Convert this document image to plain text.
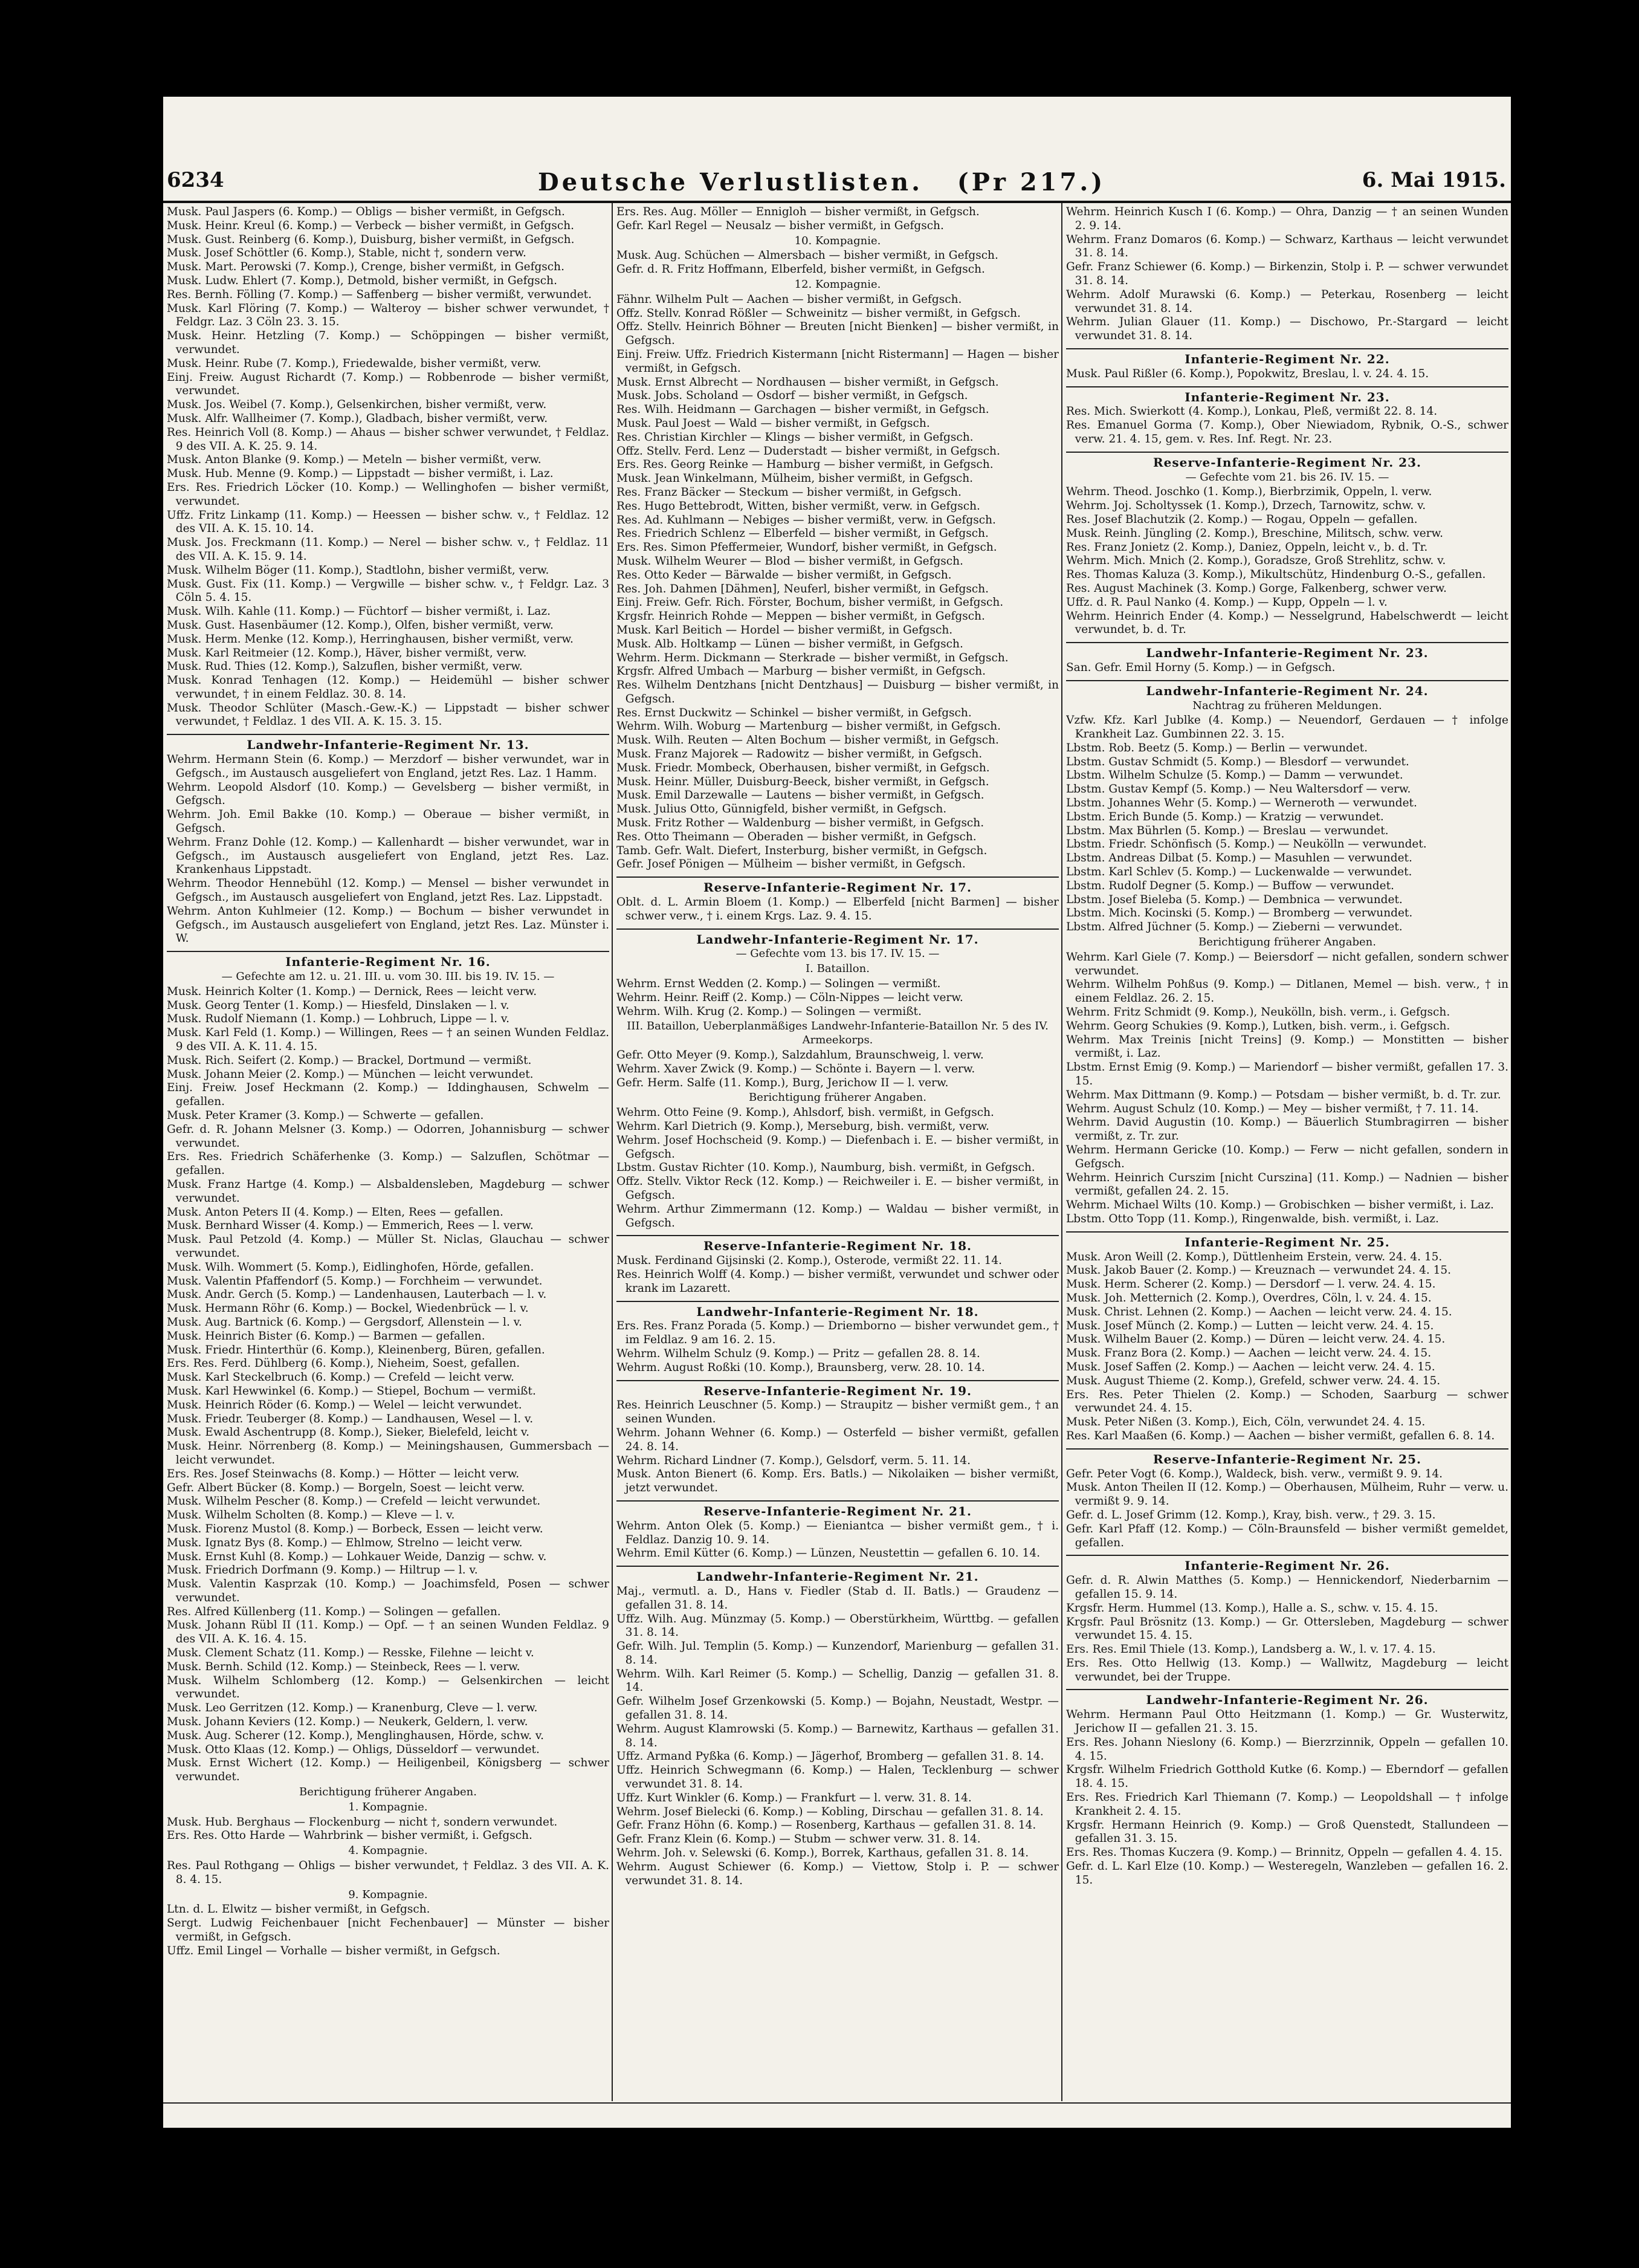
6234	Deutsche Verlustlisten. (Pr 217.)	6. Mai 1915.

Musk. Paul Jaspers (6. Komp.) — Obligs — bisher vermißt, in Gefgsch.

Musk. Heinr. Kreul (6. Komp.) — Verbeck — bisher vermißt, in Gefgsch.

Musk. Gust. Reinberg (6. Komp.), Duisburg, bisher vermißt, in Gefgsch.

Musk. Josef Schöttler (6. Komp.), Stable, nicht †, sondern verw.

Musk. Mart. Perowski (7. Komp.), Crenge, bisher vermißt, in Gefgsch.

Musk. Ludw. Ehlert (7. Komp.), Detmold, bisher vermißt, in Gefgsch.

Res. Bernh. Fölling (7. Komp.) — Saffenberg — bisher vermißt, verwundet.

Musk. Karl Flöring (7. Komp.) — Walteroy — bisher schwer verwundet, † Feldgr. Laz. 3 Cöln 23. 3. 15.

Musk. Heinr. Hetzling (7. Komp.) — Schöppingen — bisher vermißt, verwundet.

Musk. Heinr. Rube (7. Komp.), Friedewalde, bisher vermißt, verw.

Einj. Freiw. August Richardt (7. Komp.) — Robbenrode — bisher vermißt, verwundet.

Musk. Jos. Weibel (7. Komp.), Gelsenkirchen, bisher vermißt, verw.

Musk. Alfr. Wallheimer (7. Komp.), Gladbach, bisher vermißt, verw.

Res. Heinrich Voll (8. Komp.) — Ahaus — bisher schwer verwundet, † Feldlaz. 9 des VII. A. K. 25. 9. 14.

Musk. Anton Blanke (9. Komp.) — Meteln — bisher vermißt, verw.

Musk. Hub. Menne (9. Komp.) — Lippstadt — bisher vermißt, i. Laz.

Ers. Res. Friedrich Löcker (10. Komp.) — Wellinghofen — bisher vermißt, verwundet.

Uffz. Fritz Linkamp (11. Komp.) — Heessen — bisher schw. v., † Feldlaz. 12 des VII. A. K. 15. 10. 14.

Musk. Jos. Freckmann (11. Komp.) — Nerel — bisher schw. v., † Feldlaz. 11 des VII. A. K. 15. 9. 14.

Musk. Wilhelm Böger (11. Komp.), Stadtlohn, bisher vermißt, verw.

Musk. Gust. Fix (11. Komp.) — Vergwille — bisher schw. v., † Feldgr. Laz. 3 Cöln 5. 4. 15.

Musk. Wilh. Kahle (11. Komp.) — Füchtorf — bisher vermißt, i. Laz.

Musk. Gust. Hasenbäumer (12. Komp.), Olfen, bisher vermißt, verw.

Musk. Herm. Menke (12. Komp.), Herringhausen, bisher vermißt, verw.

Musk. Karl Reitmeier (12. Komp.), Häver, bisher vermißt, verw.

Musk. Rud. Thies (12. Komp.), Salzuflen, bisher vermißt, verw.

Musk. Konrad Tenhagen (12. Komp.) — Heidemühl — bisher schwer verwundet, † in einem Feldlaz. 30. 8. 14.

Musk. Theodor Schlüter (Masch.-Gew.-K.) — Lippstadt — bisher schwer verwundet, † Feldlaz. 1 des VII. A. K. 15. 3. 15.

Landwehr-Infanterie-Regiment Nr. 13.

Wehrm. Hermann Stein (6. Komp.) — Merzdorf — bisher verwundet, war in Gefgsch., im Austausch ausgeliefert von England, jetzt Res. Laz. 1 Hamm.

Wehrm. Leopold Alsdorf (10. Komp.) — Gevelsberg — bisher vermißt, in Gefgsch.

Wehrm. Joh. Emil Bakke (10. Komp.) — Oberaue — bisher vermißt, in Gefgsch.

Wehrm. Franz Dohle (12. Komp.) — Kallenhardt — bisher verwundet, war in Gefgsch., im Austausch ausgeliefert von England, jetzt Res. Laz. Krankenhaus Lippstadt.

Wehrm. Theodor Hennebühl (12. Komp.) — Mensel — bisher verwundet in Gefgsch., im Austausch ausgeliefert von England, jetzt Res. Laz. Lippstadt.

Wehrm. Anton Kuhlmeier (12. Komp.) — Bochum — bisher verwundet in Gefgsch., im Austausch ausgeliefert von England, jetzt Res. Laz. Münster i. W.

Infanterie-Regiment Nr. 16.

— Gefechte am 12. u. 21. III. u. vom 30. III. bis 19. IV. 15. —

Musk. Heinrich Kolter (1. Komp.) — Dernick, Rees — leicht verw.

Musk. Georg Tenter (1. Komp.) — Hiesfeld, Dinslaken — l. v.

Musk. Rudolf Niemann (1. Komp.) — Lohbruch, Lippe — l. v.

Musk. Karl Feld (1. Komp.) — Willingen, Rees — † an seinen Wunden Feldlaz. 9 des VII. A. K. 11. 4. 15.

Musk. Rich. Seifert (2. Komp.) — Brackel, Dortmund — vermißt.

Musk. Johann Meier (2. Komp.) — München — leicht verwundet.

Einj. Freiw. Josef Heckmann (2. Komp.) — Iddinghausen, Schwelm — gefallen.

Musk. Peter Kramer (3. Komp.) — Schwerte — gefallen.

Gefr. d. R. Johann Melsner (3. Komp.) — Odorren, Johannisburg — schwer verwundet.

Ers. Res. Friedrich Schäferhenke (3. Komp.) — Salzuflen, Schötmar — gefallen.

Musk. Franz Hartge (4. Komp.) — Alsbaldensleben, Magdeburg — schwer verwundet.

Musk. Anton Peters II (4. Komp.) — Elten, Rees — gefallen.

Musk. Bernhard Wisser (4. Komp.) — Emmerich, Rees — l. verw.

Musk. Paul Petzold (4. Komp.) — Müller St. Niclas, Glauchau — schwer verwundet.

Musk. Wilh. Wommert (5. Komp.), Eidlinghofen, Hörde, gefallen.

Musk. Valentin Pfaffendorf (5. Komp.) — Forchheim — verwundet.

Musk. Andr. Gerch (5. Komp.) — Landenhausen, Lauterbach — l. v.

Musk. Hermann Röhr (6. Komp.) — Bockel, Wiedenbrück — l. v.

Musk. Aug. Bartnick (6. Komp.) — Gergsdorf, Allenstein — l. v.

Musk. Heinrich Bister (6. Komp.) — Barmen — gefallen.

Musk. Friedr. Hinterthür (6. Komp.), Kleinenberg, Büren, gefallen.

Ers. Res. Ferd. Dühlberg (6. Komp.), Nieheim, Soest, gefallen.

Musk. Karl Steckelbruch (6. Komp.) — Crefeld — leicht verw.

Musk. Karl Hewwinkel (6. Komp.) — Stiepel, Bochum — vermißt.

Musk. Heinrich Röder (6. Komp.) — Welel — leicht verwundet.

Musk. Friedr. Teuberger (8. Komp.) — Landhausen, Wesel — l. v.

Musk. Ewald Aschentrupp (8. Komp.), Sieker, Bielefeld, leicht v.

Musk. Heinr. Nörrenberg (8. Komp.) — Meiningshausen, Gummersbach — leicht verwundet.

Ers. Res. Josef Steinwachs (8. Komp.) — Hötter — leicht verw.

Gefr. Albert Bücker (8. Komp.) — Borgeln, Soest — leicht verw.

Musk. Wilhelm Pescher (8. Komp.) — Crefeld — leicht verwundet.

Musk. Wilhelm Scholten (8. Komp.) — Kleve — l. v.

Musk. Fiorenz Mustol (8. Komp.) — Borbeck, Essen — leicht verw.

Musk. Ignatz Bys (8. Komp.) — Ehlmow, Strelno — leicht verw.

Musk. Ernst Kuhl (8. Komp.) — Lohkauer Weide, Danzig — schw. v.

Musk. Friedrich Dorfmann (9. Komp.) — Hiltrup — l. v.

Musk. Valentin Kasprzak (10. Komp.) — Joachimsfeld, Posen — schwer verwundet.

Res. Alfred Küllenberg (11. Komp.) — Solingen — gefallen.

Musk. Johann Rübl II (11. Komp.) — Opf. — † an seinen Wunden Feldlaz. 9 des VII. A. K. 16. 4. 15.

Musk. Clement Schatz (11. Komp.) — Resske, Filehne — leicht v.

Musk. Bernh. Schild (12. Komp.) — Steinbeck, Rees — l. verw.

Musk. Wilhelm Schlomberg (12. Komp.) — Gelsenkirchen — leicht verwundet.

Musk. Leo Gerritzen (12. Komp.) — Kranenburg, Cleve — l. verw.

Musk. Johann Keviers (12. Komp.) — Neukerk, Geldern, l. verw.

Musk. Aug. Scherer (12. Komp.), Menglinghausen, Hörde, schw. v.

Musk. Otto Klaas (12. Komp.) — Ohligs, Düsseldorf — verwundet.

Musk. Ernst Wichert (12. Komp.) — Heiligenbeil, Königsberg — schwer verwundet.

Berichtigung früherer Angaben.

1. Kompagnie.

Musk. Hub. Berghaus — Flockenburg — nicht †, sondern verwundet.

Ers. Res. Otto Harde — Wahrbrink — bisher vermißt, i. Gefgsch.

4. Kompagnie.

Res. Paul Rothgang — Ohligs — bisher verwundet, † Feldlaz. 3 des VII. A. K. 8. 4. 15.

9. Kompagnie.

Ltn. d. L. Elwitz — bisher vermißt, in Gefgsch.

Sergt. Ludwig Feichenbauer [nicht Fechenbauer] — Münster — bisher vermißt, in Gefgsch.

Uffz. Emil Lingel — Vorhalle — bisher vermißt, in Gefgsch.

Ers. Res. Aug. Möller — Ennigloh — bisher vermißt, in Gefgsch.

Gefr. Karl Regel — Neusalz — bisher vermißt, in Gefgsch.

10. Kompagnie.

Musk. Aug. Schüchen — Almersbach — bisher vermißt, in Gefgsch.

Gefr. d. R. Fritz Hoffmann, Elberfeld, bisher vermißt, in Gefgsch.

12. Kompagnie.

Fähnr. Wilhelm Pult — Aachen — bisher vermißt, in Gefgsch.

Offz. Stellv. Konrad Rößler — Schweinitz — bisher vermißt, in Gefgsch.

Offz. Stellv. Heinrich Böhner — Breuten [nicht Bienken] — bisher vermißt, in Gefgsch.

Einj. Freiw. Uffz. Friedrich Kistermann [nicht Ristermann] — Hagen — bisher vermißt, in Gefgsch.

Musk. Ernst Albrecht — Nordhausen — bisher vermißt, in Gefgsch.

Musk. Jobs. Scholand — Osdorf — bisher vermißt, in Gefgsch.

Res. Wilh. Heidmann — Garchagen — bisher vermißt, in Gefgsch.

Musk. Paul Joest — Wald — bisher vermißt, in Gefgsch.

Res. Christian Kirchler — Klings — bisher vermißt, in Gefgsch.

Offz. Stellv. Ferd. Lenz — Duderstadt — bisher vermißt, in Gefgsch.

Ers. Res. Georg Reinke — Hamburg — bisher vermißt, in Gefgsch.

Musk. Jean Winkelmann, Mülheim, bisher vermißt, in Gefgsch.

Res. Franz Bäcker — Steckum — bisher vermißt, in Gefgsch.

Res. Hugo Bettebrodt, Witten, bisher vermißt, verw. in Gefgsch.

Res. Ad. Kuhlmann — Nebiges — bisher vermißt, verw. in Gefgsch.

Res. Friedrich Schlenz — Elberfeld — bisher vermißt, in Gefgsch.

Ers. Res. Simon Pfeffermeier, Wundorf, bisher vermißt, in Gefgsch.

Musk. Wilhelm Weurer — Blod — bisher vermißt, in Gefgsch.

Res. Otto Keder — Bärwalde — bisher vermißt, in Gefgsch.

Res. Joh. Dahmen [Dähmen], Neuferl, bisher vermißt, in Gefgsch.

Einj. Freiw. Gefr. Rich. Förster, Bochum, bisher vermißt, in Gefgsch.

Krgsfr. Heinrich Rohde — Meppen — bisher vermißt, in Gefgsch.

Musk. Karl Beitich — Hordel — bisher vermißt, in Gefgsch.

Musk. Alb. Holtkamp — Lünen — bisher vermißt, in Gefgsch.

Wehrm. Herm. Dickmann — Sterkrade — bisher vermißt, in Gefgsch.

Krgsfr. Alfred Umbach — Marburg — bisher vermißt, in Gefgsch.

Res. Wilhelm Dentzhans [nicht Dentzhaus] — Duisburg — bisher vermißt, in Gefgsch.

Res. Ernst Duckwitz — Schinkel — bisher vermißt, in Gefgsch.

Wehrm. Wilh. Woburg — Martenburg — bisher vermißt, in Gefgsch.

Musk. Wilh. Reuten — Alten Bochum — bisher vermißt, in Gefgsch.

Musk. Franz Majorek — Radowitz — bisher vermißt, in Gefgsch.

Musk. Friedr. Mombeck, Oberhausen, bisher vermißt, in Gefgsch.

Musk. Heinr. Müller, Duisburg-Beeck, bisher vermißt, in Gefgsch.

Musk. Emil Darzewalle — Lautens — bisher vermißt, in Gefgsch.

Musk. Julius Otto, Günnigfeld, bisher vermißt, in Gefgsch.

Musk. Fritz Rother — Waldenburg — bisher vermißt, in Gefgsch.

Res. Otto Theimann — Oberaden — bisher vermißt, in Gefgsch.

Tamb. Gefr. Walt. Diefert, Insterburg, bisher vermißt, in Gefgsch.

Gefr. Josef Pönigen — Mülheim — bisher vermißt, in Gefgsch.

Reserve-Infanterie-Regiment Nr. 17.

Oblt. d. L. Armin Bloem (1. Komp.) — Elberfeld [nicht Barmen] — bisher schwer verw., † i. einem Krgs. Laz. 9. 4. 15.

Landwehr-Infanterie-Regiment Nr. 17.

— Gefechte vom 13. bis 17. IV. 15. —

I. Bataillon.

Wehrm. Ernst Wedden (2. Komp.) — Solingen — vermißt.

Wehrm. Heinr. Reiff (2. Komp.) — Cöln-Nippes — leicht verw.

Wehrm. Wilh. Krug (2. Komp.) — Solingen — vermißt.

III. Bataillon, Ueberplanmäßiges Landwehr-Infanterie-Bataillon Nr. 5 des IV. Armeekorps.

Gefr. Otto Meyer (9. Komp.), Salzdahlum, Braunschweig, l. verw.

Wehrm. Xaver Zwick (9. Komp.) — Schönte i. Bayern — l. verw.

Gefr. Herm. Salfe (11. Komp.), Burg, Jerichow II — l. verw.

Berichtigung früherer Angaben.

Wehrm. Otto Feine (9. Komp.), Ahlsdorf, bish. vermißt, in Gefgsch.

Wehrm. Karl Dietrich (9. Komp.), Merseburg, bish. vermißt, verw.

Wehrm. Josef Hochscheid (9. Komp.) — Diefenbach i. E. — bisher vermißt, in Gefgsch.

Lbstm. Gustav Richter (10. Komp.), Naumburg, bish. vermißt, in Gefgsch.

Offz. Stellv. Viktor Reck (12. Komp.) — Reichweiler i. E. — bisher vermißt, in Gefgsch.

Wehrm. Arthur Zimmermann (12. Komp.) — Waldau — bisher vermißt, in Gefgsch.

Reserve-Infanterie-Regiment Nr. 18.

Musk. Ferdinand Gijsinski (2. Komp.), Osterode, vermißt 22. 11. 14.

Res. Heinrich Wolff (4. Komp.) — bisher vermißt, verwundet und schwer oder krank im Lazarett.

Landwehr-Infanterie-Regiment Nr. 18.

Ers. Res. Franz Porada (5. Komp.) — Driemborno — bisher verwundet gem., † im Feldlaz. 9 am 16. 2. 15.

Wehrm. Wilhelm Schulz (9. Komp.) — Pritz — gefallen 28. 8. 14.

Wehrm. August Roßki (10. Komp.), Braunsberg, verw. 28. 10. 14.

Reserve-Infanterie-Regiment Nr. 19.

Res. Heinrich Leuschner (5. Komp.) — Straupitz — bisher vermißt gem., † an seinen Wunden.

Wehrm. Johann Wehner (6. Komp.) — Osterfeld — bisher vermißt, gefallen 24. 8. 14.

Wehrm. Richard Lindner (7. Komp.), Gelsdorf, verm. 5. 11. 14.

Musk. Anton Bienert (6. Komp. Ers. Batls.) — Nikolaiken — bisher vermißt, jetzt verwundet.

Reserve-Infanterie-Regiment Nr. 21.

Wehrm. Anton Olek (5. Komp.) — Eieniantca — bisher vermißt gem., † i. Feldlaz. Danzig 10. 9. 14.

Wehrm. Emil Kütter (6. Komp.) — Lünzen, Neustettin — gefallen 6. 10. 14.

Landwehr-Infanterie-Regiment Nr. 21.

Maj., vermutl. a. D., Hans v. Fiedler (Stab d. II. Batls.) — Graudenz — gefallen 31. 8. 14.

Uffz. Wilh. Aug. Münzmay (5. Komp.) — Oberstürkheim, Württbg. — gefallen 31. 8. 14.

Gefr. Wilh. Jul. Templin (5. Komp.) — Kunzendorf, Marienburg — gefallen 31. 8. 14.

Wehrm. Wilh. Karl Reimer (5. Komp.) — Schellig, Danzig — gefallen 31. 8. 14.

Gefr. Wilhelm Josef Grzenkowski (5. Komp.) — Bojahn, Neustadt, Westpr. — gefallen 31. 8. 14.

Wehrm. August Klamrowski (5. Komp.) — Barnewitz, Karthaus — gefallen 31. 8. 14.

Uffz. Armand Pyßka (6. Komp.) — Jägerhof, Bromberg — gefallen 31. 8. 14.

Uffz. Heinrich Schwegmann (6. Komp.) — Halen, Tecklenburg — schwer verwundet 31. 8. 14.

Uffz. Kurt Winkler (6. Komp.) — Frankfurt — l. verw. 31. 8. 14.

Wehrm. Josef Bielecki (6. Komp.) — Kobling, Dirschau — gefallen 31. 8. 14.

Gefr. Franz Höhn (6. Komp.) — Rosenberg, Karthaus — gefallen 31. 8. 14.

Gefr. Franz Klein (6. Komp.) — Stubm — schwer verw. 31. 8. 14.

Wehrm. Joh. v. Selewski (6. Komp.), Borrek, Karthaus, gefallen 31. 8. 14.

Wehrm. August Schiewer (6. Komp.) — Viettow, Stolp i. P. — schwer verwundet 31. 8. 14.

Wehrm. Heinrich Kusch I (6. Komp.) — Ohra, Danzig — † an seinen Wunden 2. 9. 14.

Wehrm. Franz Domaros (6. Komp.) — Schwarz, Karthaus — leicht verwundet 31. 8. 14.

Gefr. Franz Schiewer (6. Komp.) — Birkenzin, Stolp i. P. — schwer verwundet 31. 8. 14.

Wehrm. Adolf Murawski (6. Komp.) — Peterkau, Rosenberg — leicht verwundet 31. 8. 14.

Wehrm. Julian Glauer (11. Komp.) — Dischowo, Pr.-Stargard — leicht verwundet 31. 8. 14.

Infanterie-Regiment Nr. 22.

Musk. Paul Rißler (6. Komp.), Popokwitz, Breslau, l. v. 24. 4. 15.

Infanterie-Regiment Nr. 23.

Res. Mich. Swierkott (4. Komp.), Lonkau, Pleß, vermißt 22. 8. 14.

Res. Emanuel Gorma (7. Komp.), Ober Niewiadom, Rybnik, O.-S., schwer verw. 21. 4. 15, gem. v. Res. Inf. Regt. Nr. 23.

Reserve-Infanterie-Regiment Nr. 23.

— Gefechte vom 21. bis 26. IV. 15. —

Wehrm. Theod. Joschko (1. Komp.), Bierbrzimik, Oppeln, l. verw.

Wehrm. Joj. Scholtyssek (1. Komp.), Drzech, Tarnowitz, schw. v.

Res. Josef Blachutzik (2. Komp.) — Rogau, Oppeln — gefallen.

Musk. Reinh. Jüngling (2. Komp.), Breschine, Militsch, schw. verw.

Res. Franz Jonietz (2. Komp.), Daniez, Oppeln, leicht v., b. d. Tr.

Wehrm. Mich. Mnich (2. Komp.), Goradsze, Groß Strehlitz, schw. v.

Res. Thomas Kaluza (3. Komp.), Mikultschütz, Hindenburg O.-S., gefallen.

Res. August Machinek (3. Komp.) Gorge, Falkenberg, schwer verw.

Uffz. d. R. Paul Nanko (4. Komp.) — Kupp, Oppeln — l. v.

Wehrm. Heinrich Ender (4. Komp.) — Nesselgrund, Habelschwerdt — leicht verwundet, b. d. Tr.

Landwehr-Infanterie-Regiment Nr. 23.

San. Gefr. Emil Horny (5. Komp.) — in Gefgsch.

Landwehr-Infanterie-Regiment Nr. 24.

Nachtrag zu früheren Meldungen.

Vzfw. Kfz. Karl Jublke (4. Komp.) — Neuendorf, Gerdauen — † infolge Krankheit Laz. Gumbinnen 22. 3. 15.

Lbstm. Rob. Beetz (5. Komp.) — Berlin — verwundet.

Lbstm. Gustav Schmidt (5. Komp.) — Blesdorf — verwundet.

Lbstm. Wilhelm Schulze (5. Komp.) — Damm — verwundet.

Lbstm. Gustav Kempf (5. Komp.) — Neu Waltersdorf — verw.

Lbstm. Johannes Wehr (5. Komp.) — Werneroth — verwundet.

Lbstm. Erich Bunde (5. Komp.) — Kratzig — verwundet.

Lbstm. Max Bührlen (5. Komp.) — Breslau — verwundet.

Lbstm. Friedr. Schönfisch (5. Komp.) — Neukölln — verwundet.

Lbstm. Andreas Dilbat (5. Komp.) — Masuhlen — verwundet.

Lbstm. Karl Schlev (5. Komp.) — Luckenwalde — verwundet.

Lbstm. Rudolf Degner (5. Komp.) — Buffow — verwundet.

Lbstm. Josef Bieleba (5. Komp.) — Dembnica — verwundet.

Lbstm. Mich. Kocinski (5. Komp.) — Bromberg — verwundet.

Lbstm. Alfred Jüchner (5. Komp.) — Zieberni — verwundet.

Berichtigung früherer Angaben.

Wehrm. Karl Giele (7. Komp.) — Beiersdorf — nicht gefallen, sondern schwer verwundet.

Wehrm. Wilhelm Pohßus (9. Komp.) — Ditlanen, Memel — bish. verw., † in einem Feldlaz. 26. 2. 15.

Wehrm. Fritz Schmidt (9. Komp.), Neukölln, bish. verm., i. Gefgsch.

Wehrm. Georg Schukies (9. Komp.), Lutken, bish. verm., i. Gefgsch.

Wehrm. Max Treinis [nicht Treins] (9. Komp.) — Monstitten — bisher vermißt, i. Laz.

Lbstm. Ernst Emig (9. Komp.) — Mariendorf — bisher vermißt, gefallen 17. 3. 15.

Wehrm. Max Dittmann (9. Komp.) — Potsdam — bisher vermißt, b. d. Tr. zur.

Wehrm. August Schulz (10. Komp.) — Mey — bisher vermißt, † 7. 11. 14.

Wehrm. David Augustin (10. Komp.) — Bäuerlich Stumbragirren — bisher vermißt, z. Tr. zur.

Wehrm. Hermann Gericke (10. Komp.) — Ferw — nicht gefallen, sondern in Gefgsch.

Wehrm. Heinrich Curszim [nicht Curszina] (11. Komp.) — Nadnien — bisher vermißt, gefallen 24. 2. 15.

Wehrm. Michael Wilts (10. Komp.) — Grobischken — bisher vermißt, i. Laz.

Lbstm. Otto Topp (11. Komp.), Ringenwalde, bish. vermißt, i. Laz.

Infanterie-Regiment Nr. 25.

Musk. Aron Weill (2. Komp.), Düttlenheim Erstein, verw. 24. 4. 15.

Musk. Jakob Bauer (2. Komp.) — Kreuznach — verwundet 24. 4. 15.

Musk. Herm. Scherer (2. Komp.) — Dersdorf — l. verw. 24. 4. 15.

Musk. Joh. Metternich (2. Komp.), Overdres, Cöln, l. v. 24. 4. 15.

Musk. Christ. Lehnen (2. Komp.) — Aachen — leicht verw. 24. 4. 15.

Musk. Josef Münch (2. Komp.) — Lutten — leicht verw. 24. 4. 15.

Musk. Wilhelm Bauer (2. Komp.) — Düren — leicht verw. 24. 4. 15.

Musk. Franz Bora (2. Komp.) — Aachen — leicht verw. 24. 4. 15.

Musk. Josef Saffen (2. Komp.) — Aachen — leicht verw. 24. 4. 15.

Musk. August Thieme (2. Komp.), Grefeld, schwer verw. 24. 4. 15.

Ers. Res. Peter Thielen (2. Komp.) — Schoden, Saarburg — schwer verwundet 24. 4. 15.

Musk. Peter Nißen (3. Komp.), Eich, Cöln, verwundet 24. 4. 15.

Res. Karl Maaßen (6. Komp.) — Aachen — bisher vermißt, gefallen 6. 8. 14.

Reserve-Infanterie-Regiment Nr. 25.

Gefr. Peter Vogt (6. Komp.), Waldeck, bish. verw., vermißt 9. 9. 14.

Musk. Anton Theilen II (12. Komp.) — Oberhausen, Mülheim, Ruhr — verw. u. vermißt 9. 9. 14.

Gefr. d. L. Josef Grimm (12. Komp.), Kray, bish. verw., † 29. 3. 15.

Gefr. Karl Pfaff (12. Komp.) — Cöln-Braunsfeld — bisher vermißt gemeldet, gefallen.

Infanterie-Regiment Nr. 26.

Gefr. d. R. Alwin Matthes (5. Komp.) — Hennickendorf, Niederbarnim — gefallen 15. 9. 14.

Krgsfr. Herm. Hummel (13. Komp.), Halle a. S., schw. v. 15. 4. 15.

Krgsfr. Paul Brösnitz (13. Komp.) — Gr. Ottersleben, Magdeburg — schwer verwundet 15. 4. 15.

Ers. Res. Emil Thiele (13. Komp.), Landsberg a. W., l. v. 17. 4. 15.

Ers. Res. Otto Hellwig (13. Komp.) — Wallwitz, Magdeburg — leicht verwundet, bei der Truppe.

Landwehr-Infanterie-Regiment Nr. 26.

Wehrm. Hermann Paul Otto Heitzmann (1. Komp.) — Gr. Wusterwitz, Jerichow II — gefallen 21. 3. 15.

Ers. Res. Johann Nieslony (6. Komp.) — Bierzrzinnik, Oppeln — gefallen 10. 4. 15.

Krgsfr. Wilhelm Friedrich Gotthold Kutke (6. Komp.) — Eberndorf — gefallen 18. 4. 15.

Ers. Res. Friedrich Karl Thiemann (7. Komp.) — Leopoldshall — † infolge Krankheit 2. 4. 15.

Krgsfr. Hermann Heinrich (9. Komp.) — Groß Quenstedt, Stallundeen — gefallen 31. 3. 15.

Ers. Res. Thomas Kuczera (9. Komp.) — Brinnitz, Oppeln — gefallen 4. 4. 15.

Gefr. d. L. Karl Elze (10. Komp.) — Westeregeln, Wanzleben — gefallen 16. 2. 15.
